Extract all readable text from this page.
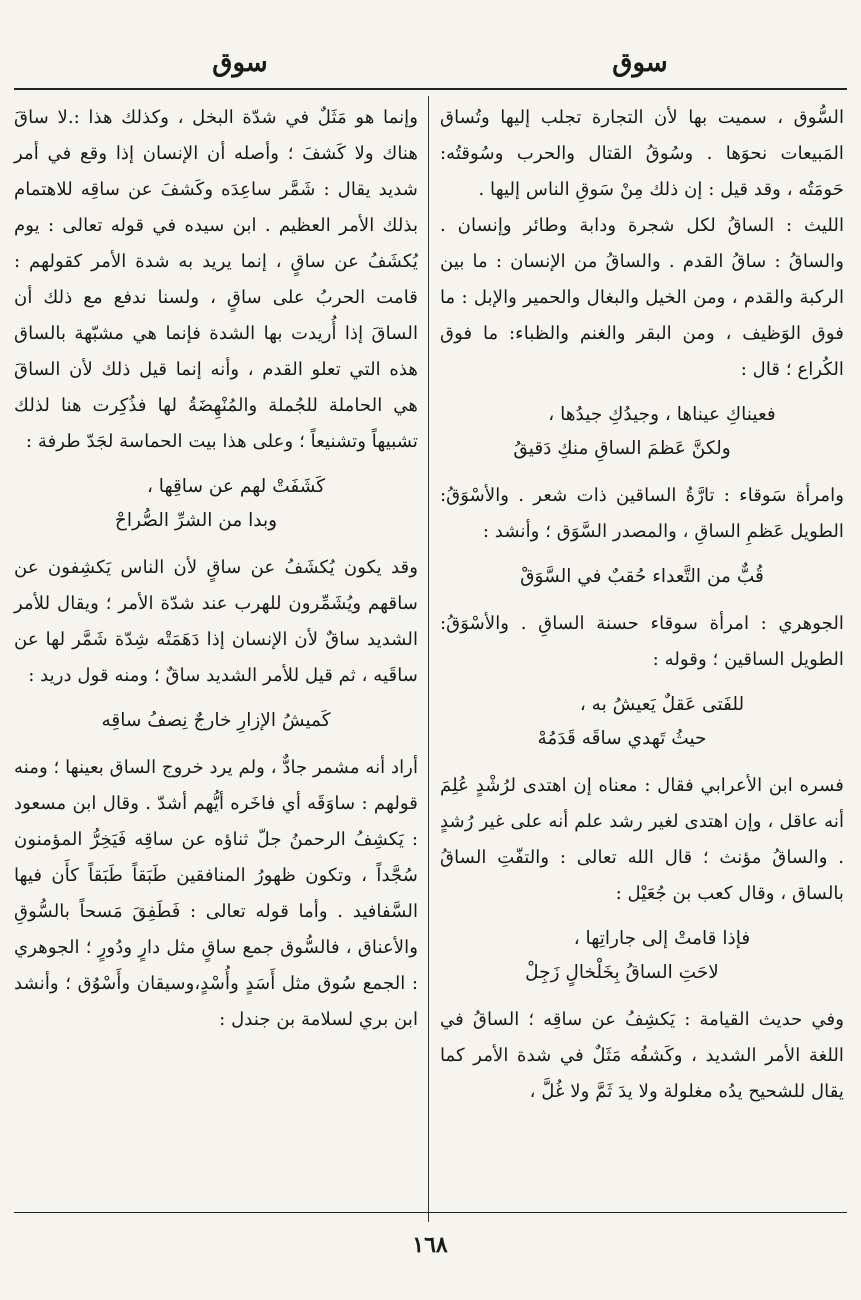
سوق
سوق

السُّوق ، سميت بها لأن التجارة تجلب إليها وتُساق المَبيعات نحوَها . وسُوقُ القتال والحرب وسُوقتُه: حَومَتُه ، وقد قيل : إن ذلك مِنْ سَوقِ الناس إليها .

الليث : الساقُ لكل شجرة ودابة وطائر وإنسان . والساقُ : ساقُ القدم . والساقُ من الإنسان : ما بين الركبة والقدم ، ومن الخيل والبغال والحمير والإبل : ما فوق الوَظيف ، ومن البقر والغنم والظباء: ما فوق الكُراع ؛ قال :

فعيناكِ عيناها ، وجيدُكِ جيدُها ،
ولكنَّ عَظمَ الساقِ منكِ دَقيقُ

وامرأة سَوقاء : تارَّةُ الساقين ذات شعر . والأسْوَقُ: الطويل عَظمِ الساقِ ، والمصدر السَّوَق ؛ وأنشد :

قُبٌّ من التَّعداء حُقبٌ في السَّوَقْ

الجوهري : امرأة سوقاء حسنة الساقِ . والأسْوَقُ: الطويل الساقين ؛ وقوله :

للفَتى عَقلٌ يَعيشُ به ،
حيثُ تَهدي ساقَه قَدَمُهْ

فسره ابن الأعرابي فقال : معناه إن اهتدى لرُشْدٍ عُلِمَ أنه عاقل ، وإن اهتدى لغير رشد علم أنه على غير رُشدٍ . والساقُ مؤنث ؛ قال الله تعالى : والتفّتِ الساقُ بالساق ، وقال كعب بن جُعَيْل :

فإذا قامتْ إلى جاراتِها ،
لاحَتِ الساقُ بِخَلْخالٍ زَجِلْ

وفي حديث القيامة : يَكشِفُ عن ساقِه ؛ الساقُ في اللغة الأمر الشديد ، وكَشفُه مَثَلٌ في شدة الأمر كما يقال للشحيح يدُه مغلولة ولا يدَ ثَمَّ ولا غُلَّ ،

وإنما هو مَثَلٌ في شدّة البخل ، وكذلك هذا :.لا ساقَ هناك ولا كَشفَ ؛ وأصله أن الإنسان إذا وقع في أمر شديد يقال : شَمَّر ساعِدَه وكَشفَ عن ساقِه للاهتمام بذلك الأمر العظيم . ابن سيده في قوله تعالى : يوم يُكشَفُ عن ساقٍ ، إنما يريد به شدة الأمر كقولهم : قامت الحربُ على ساقٍ ، ولسنا ندفع مع ذلك أن الساقَ إذا أُريدت بها الشدة فإنما هي مشبّهة بالساق هذه التي تعلو القدم ، وأنه إنما قيل ذلك لأن الساقَ هي الحاملة للجُملة والمُنْهِضَةُ لها فذُكِرت هنا لذلك تشبيهاً وتشنيعاً ؛ وعلى هذا بيت الحماسة لجَدّ طرفة :

كَشَفَتْ لهم عن ساقِها ،
وبدا من الشرِّ الصُّراحْ

وقد يكون يُكشَفُ عن ساقٍ لأن الناس يَكشِفون عن ساقهم ويُشَمِّرون للهرب عند شدّة الأمر ؛ ويقال للأمر الشديد ساقٌ لأن الإنسان إذا دَهَمَتْه شِدّة شَمَّر لها عن ساقَيه ، ثم قيل للأمر الشديد ساقٌ ؛ ومنه قول دريد :

كَميشُ الإزارِ خارجٌ نِصفُ ساقِه

أراد أنه مشمر جادٌّ ، ولم يرد خروج الساق بعينها ؛ ومنه قولهم : ساوَقَه أي فاخَره أيُّهم أشدّ . وقال ابن مسعود : يَكشِفُ الرحمنُ جلّ ثناؤه عن ساقِه فَيَخِرُّ المؤمنون سُجَّداً ، وتكون ظهورُ المنافقين طَبَقاً طَبَقاً كأَن فيها السَّفافيد . وأما قوله تعالى : فَطَفِقَ مَسحاً بالسُّوقِ والأعناق ، فالسُّوق جمع ساقٍ مثل دارٍ ودُورٍ ؛ الجوهري : الجمع سُوق مثل أَسَدٍ وأُسْدٍ،وسيقان وأَسْوُق ؛ وأنشد ابن بري لسلامة بن جندل :

١٦٨
